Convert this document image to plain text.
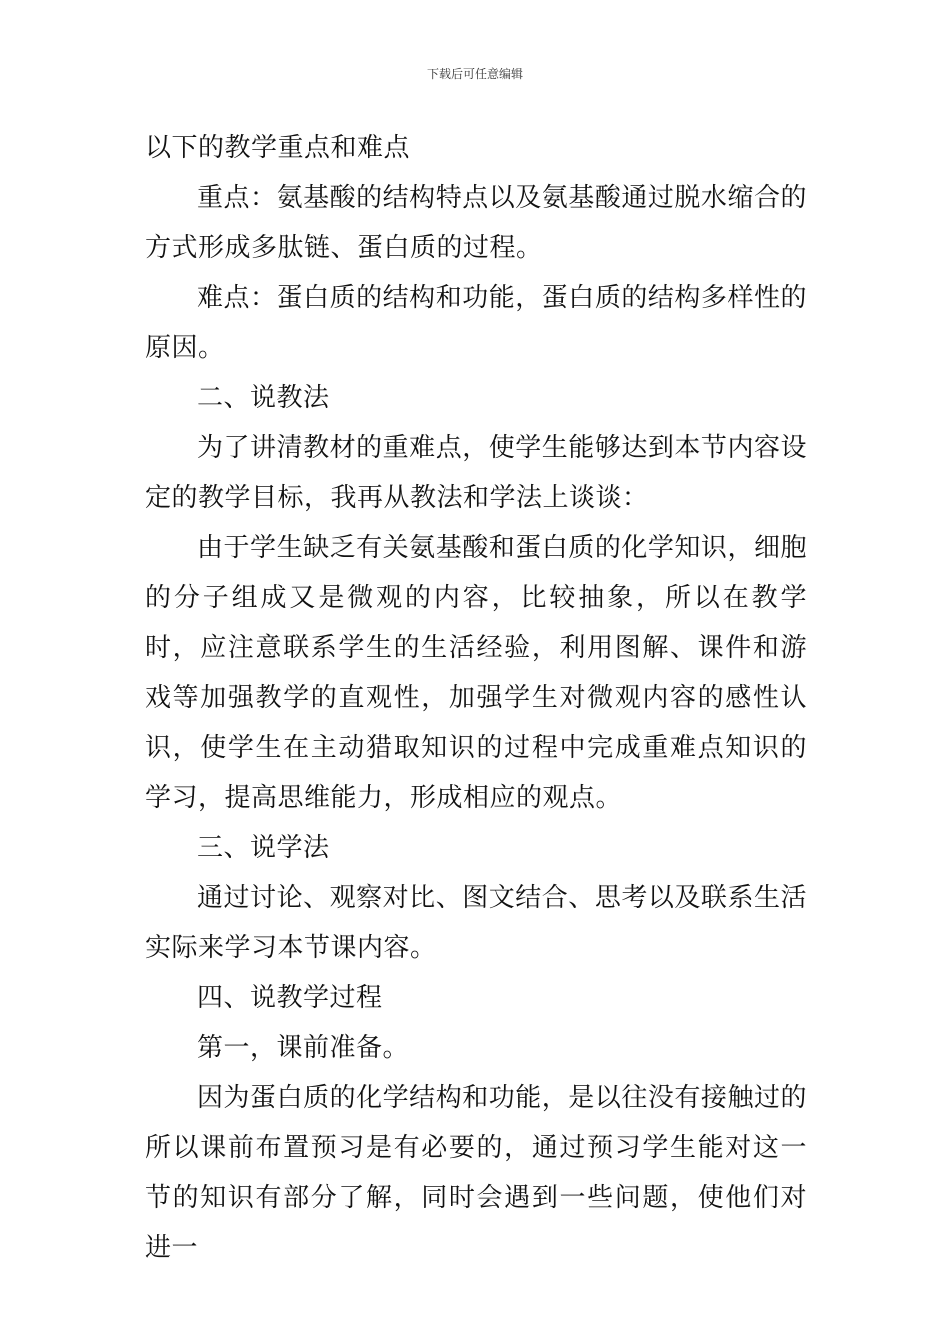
下载后可任意编辑

以下的教学重点和难点

重点：氨基酸的结构特点以及氨基酸通过脱水缩合的方式形成多肽链、蛋白质的过程。

难点：蛋白质的结构和功能，蛋白质的结构多样性的原因。

二、说教法

为了讲清教材的重难点，使学生能够达到本节内容设定的教学目标，我再从教法和学法上谈谈：

由于学生缺乏有关氨基酸和蛋白质的化学知识，细胞的分子组成又是微观的内容，比较抽象，所以在教学时，应注意联系学生的生活经验，利用图解、课件和游戏等加强教学的直观性，加强学生对微观内容的感性认识，使学生在主动猎取知识的过程中完成重难点知识的学习，提高思维能力，形成相应的观点。

三、说学法

通过讨论、观察对比、图文结合、思考以及联系生活实际来学习本节课内容。

四、说教学过程

第一，课前准备。

因为蛋白质的化学结构和功能，是以往没有接触过的所以课前布置预习是有必要的，通过预习学生能对这一节的知识有部分了解，同时会遇到一些问题，使他们对进一
